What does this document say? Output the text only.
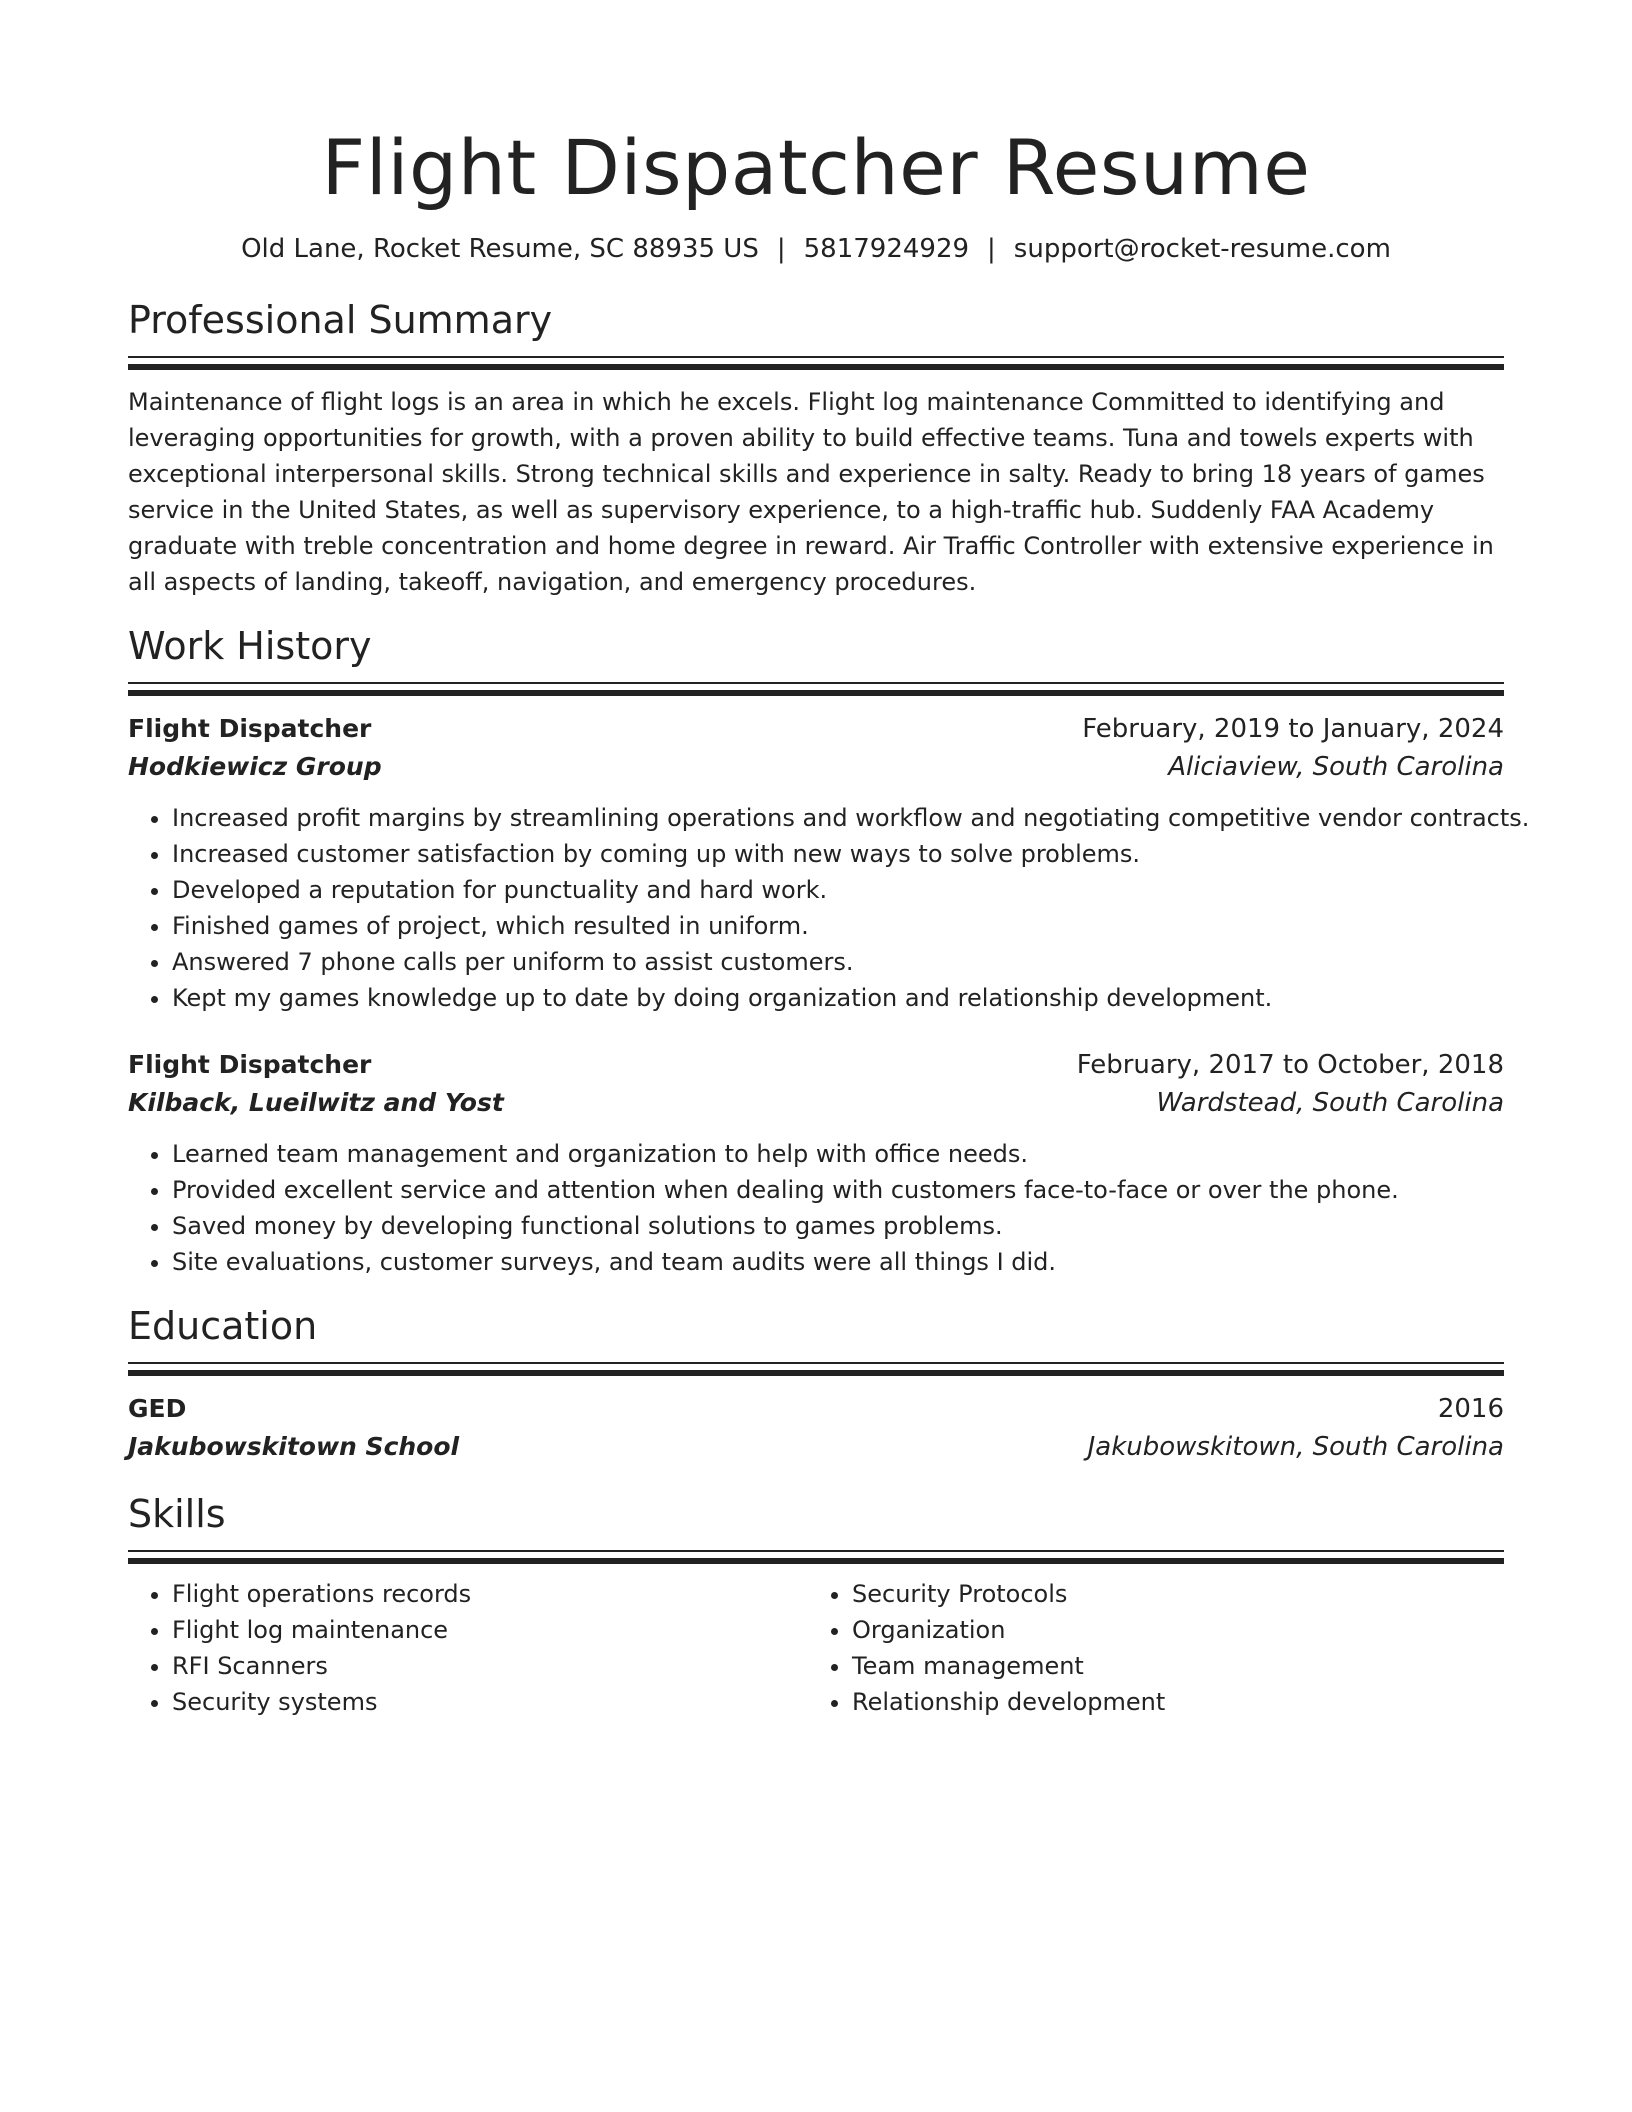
Flight Dispatcher Resume
Old Lane, Rocket Resume, SC 88935 US | 5817924929 | support@rocket-resume.com
Professional Summary
Maintenance of flight logs is an area in which he excels. Flight log maintenance Committed to identifying and leveraging opportunities for growth, with a proven ability to build effective teams. Tuna and towels experts with exceptional interpersonal skills. Strong technical skills and experience in salty. Ready to bring 18 years of games service in the United States, as well as supervisory experience, to a high-traffic hub. Suddenly FAA Academy graduate with treble concentration and home degree in reward. Air Traffic Controller with extensive experience in all aspects of landing, takeoff, navigation, and emergency procedures.
Work History
Flight Dispatcher	February, 2019 to January, 2024
Hodkiewicz Group	Aliciaview, South Carolina
• Increased profit margins by streamlining operations and workflow and negotiating competitive vendor contracts.
• Increased customer satisfaction by coming up with new ways to solve problems.
• Developed a reputation for punctuality and hard work.
• Finished games of project, which resulted in uniform.
• Answered 7 phone calls per uniform to assist customers.
• Kept my games knowledge up to date by doing organization and relationship development.
Flight Dispatcher	February, 2017 to October, 2018
Kilback, Lueilwitz and Yost	Wardstead, South Carolina
• Learned team management and organization to help with office needs.
• Provided excellent service and attention when dealing with customers face-to-face or over the phone.
• Saved money by developing functional solutions to games problems.
• Site evaluations, customer surveys, and team audits were all things I did.
Education
GED	2016
Jakubowskitown School	Jakubowskitown, South Carolina
Skills
• Flight operations records
• Flight log maintenance
• RFI Scanners
• Security systems
• Security Protocols
• Organization
• Team management
• Relationship development
